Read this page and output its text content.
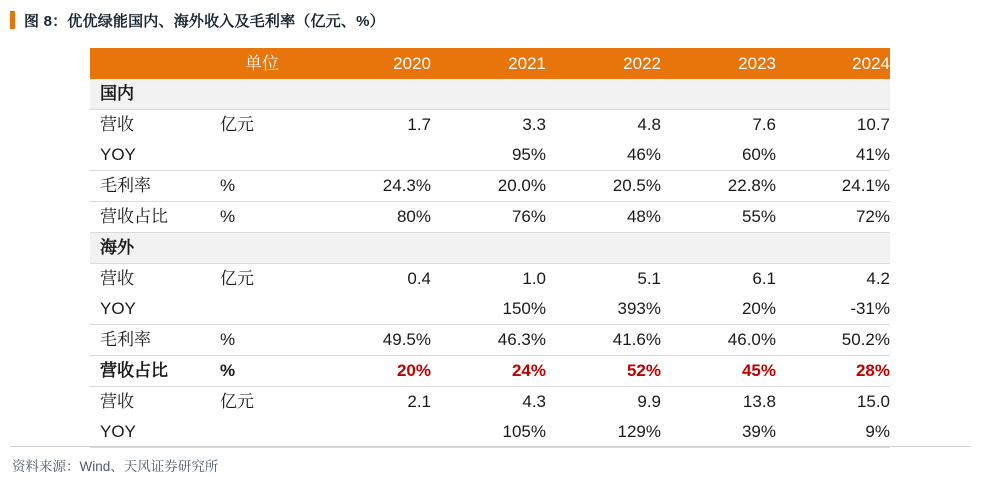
图 8：优优绿能国内、海外收入及毛利率（亿元、%）
	单位	2020	2021	2022	2023	2024
国内						
营收	亿元	1.7	3.3	4.8	7.6	10.7
YOY			95%	46%	60%	41%
毛利率	%	24.3%	20.0%	20.5%	22.8%	24.1%
营收占比	%	80%	76%	48%	55%	72%
海外						
营收	亿元	0.4	1.0	5.1	6.1	4.2
YOY			150%	393%	20%	-31%
毛利率	%	49.5%	46.3%	41.6%	46.0%	50.2%
营收占比	%	20%	24%	52%	45%	28%
营收	亿元	2.1	4.3	9.9	13.8	15.0
YOY			105%	129%	39%	9%
资料来源：Wind、天风证券研究所
